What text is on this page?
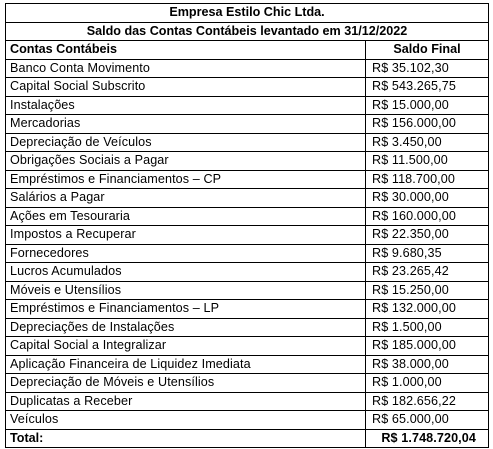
Empresa Estilo Chic Ltda.	
Saldo das Contas Contábeis levantado em 31/12/2022	
Contas Contábeis	Saldo Final
Banco Conta Movimento	R$ 35.102,30
Capital Social Subscrito	R$ 543.265,75
Instalações	R$ 15.000,00
Mercadorias	R$ 156.000,00
Depreciação de Veículos	R$ 3.450,00
Obrigações Sociais a Pagar	R$ 11.500,00
Empréstimos e Financiamentos – CP	R$ 118.700,00
Salários a Pagar	R$ 30.000,00
Ações em Tesouraria	R$ 160.000,00
Impostos a Recuperar	R$ 22.350,00
Fornecedores	R$ 9.680,35
Lucros Acumulados	R$ 23.265,42
Móveis e Utensílios	R$ 15.250,00
Empréstimos e Financiamentos – LP	R$ 132.000,00
Depreciações de Instalações	R$ 1.500,00
Capital Social a Integralizar	R$ 185.000,00
Aplicação Financeira de Liquidez Imediata	R$ 38.000,00
Depreciação de Móveis e Utensílios	R$ 1.000,00
Duplicatas a Receber	R$ 182.656,22
Veículos	R$ 65.000,00
Total:	R$ 1.748.720,04
